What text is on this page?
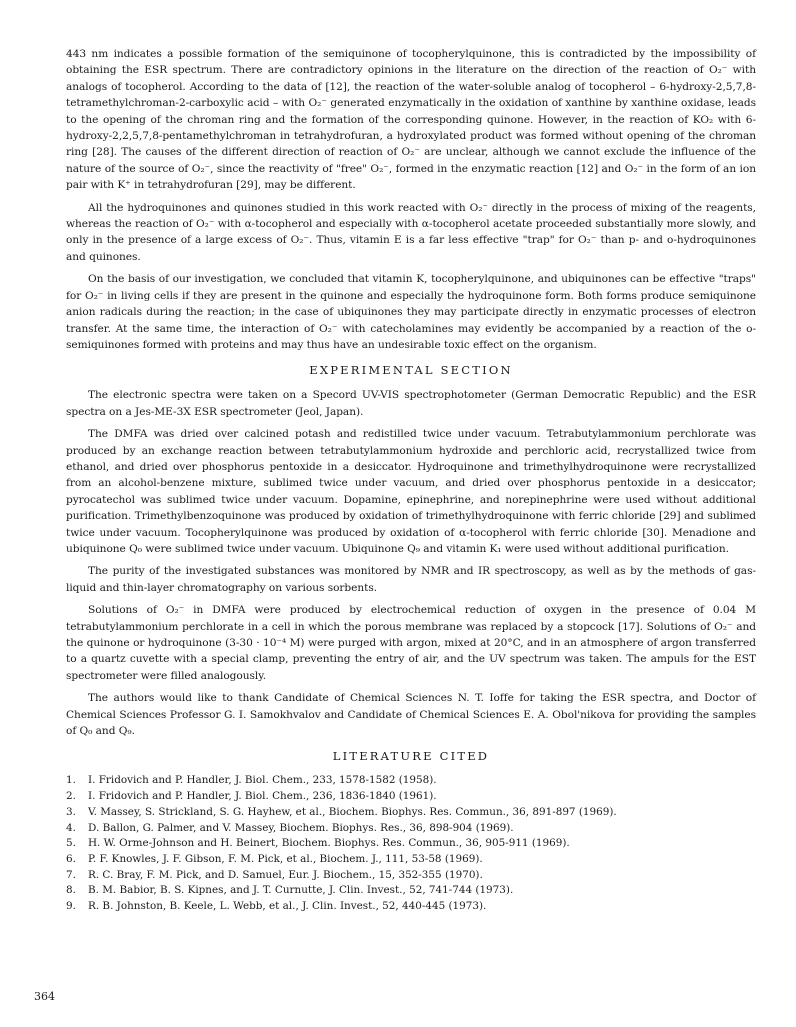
443 nm indicates a possible formation of the semiquinone of tocopherylquinone, this is contradicted by the impossibility of obtaining the ESR spectrum. There are contradictory opinions in the literature on the direction of the reaction of O₂⁻ with analogs of tocopherol. According to the data of [12], the reaction of the water-soluble analog of tocopherol – 6-hydroxy-2,5,7,8-tetramethylchroman-2-carboxylic acid – with O₂⁻ generated enzymatically in the oxidation of xanthine by xanthine oxidase, leads to the opening of the chroman ring and the formation of the corresponding quinone. However, in the reaction of KO₂ with 6-hydroxy-2,2,5,7,8-pentamethylchroman in tetrahydrofuran, a hydroxylated product was formed without opening of the chroman ring [28]. The causes of the different direction of reaction of O₂⁻ are unclear, although we cannot exclude the influence of the nature of the source of O₂⁻, since the reactivity of "free" O₂⁻, formed in the enzymatic reaction [12] and O₂⁻ in the form of an ion pair with K⁺ in tetrahydrofuran [29], may be different.

All the hydroquinones and quinones studied in this work reacted with O₂⁻ directly in the process of mixing of the reagents, whereas the reaction of O₂⁻ with α-tocopherol and especially with α-tocopherol acetate proceeded substantially more slowly, and only in the presence of a large excess of O₂⁻. Thus, vitamin E is a far less effective "trap" for O₂⁻ than p- and o-hydroquinones and quinones.

On the basis of our investigation, we concluded that vitamin K, tocopherylquinone, and ubiquinones can be effective "traps" for O₂⁻ in living cells if they are present in the quinone and especially the hydroquinone form. Both forms produce semiquinone anion radicals during the reaction; in the case of ubiquinones they may participate directly in enzymatic processes of electron transfer. At the same time, the interaction of O₂⁻ with catecholamines may evidently be accompanied by a reaction of the o-semiquinones formed with proteins and may thus have an undesirable toxic effect on the organism.

EXPERIMENTAL SECTION

The electronic spectra were taken on a Specord UV-VIS spectrophotometer (German Democratic Republic) and the ESR spectra on a Jes-ME-3X ESR spectrometer (Jeol, Japan).

The DMFA was dried over calcined potash and redistilled twice under vacuum. Tetrabutylammonium perchlorate was produced by an exchange reaction between tetrabutylammonium hydroxide and perchloric acid, recrystallized twice from ethanol, and dried over phosphorus pentoxide in a desiccator. Hydroquinone and trimethylhydroquinone were recrystallized from an alcohol-benzene mixture, sublimed twice under vacuum, and dried over phosphorus pentoxide in a desiccator; pyrocatechol was sublimed twice under vacuum. Dopamine, epinephrine, and norepinephrine were used without additional purification. Trimethylbenzoquinone was produced by oxidation of trimethylhydroquinone with ferric chloride [29] and sublimed twice under vacuum. Tocopherylquinone was produced by oxidation of α-tocopherol with ferric chloride [30]. Menadione and ubiquinone Q₀ were sublimed twice under vacuum. Ubiquinone Q₉ and vitamin K₁ were used without additional purification.

The purity of the investigated substances was monitored by NMR and IR spectroscopy, as well as by the methods of gas-liquid and thin-layer chromatography on various sorbents.

Solutions of O₂⁻ in DMFA were produced by electrochemical reduction of oxygen in the presence of 0.04 M tetrabutylammonium perchlorate in a cell in which the porous membrane was replaced by a stopcock [17]. Solutions of O₂⁻ and the quinone or hydroquinone (3-30 · 10⁻⁴ M) were purged with argon, mixed at 20°C, and in an atmosphere of argon transferred to a quartz cuvette with a special clamp, preventing the entry of air, and the UV spectrum was taken. The ampuls for the EST spectrometer were filled analogously.

The authors would like to thank Candidate of Chemical Sciences N. T. Ioffe for taking the ESR spectra, and Doctor of Chemical Sciences Professor G. I. Samokhvalov and Candidate of Chemical Sciences E. A. Obol'nikova for providing the samples of Q₀ and Q₉.

LITERATURE CITED
1.	I. Fridovich and P. Handler, J. Biol. Chem., 233, 1578-1582 (1958).
2.	I. Fridovich and P. Handler, J. Biol. Chem., 236, 1836-1840 (1961).
3.	V. Massey, S. Strickland, S. G. Hayhew, et al., Biochem. Biophys. Res. Commun., 36, 891-897 (1969).
4.	D. Ballon, G. Palmer, and V. Massey, Biochem. Biophys. Res., 36, 898-904 (1969).
5.	H. W. Orme-Johnson and H. Beinert, Biochem. Biophys. Res. Commun., 36, 905-911 (1969).
6.	P. F. Knowles, J. F. Gibson, F. M. Pick, et al., Biochem. J., 111, 53-58 (1969).
7.	R. C. Bray, F. M. Pick, and D. Samuel, Eur. J. Biochem., 15, 352-355 (1970).
8.	B. M. Babior, B. S. Kipnes, and J. T. Curnutte, J. Clin. Invest., 52, 741-744 (1973).
9.	R. B. Johnston, B. Keele, L. Webb, et al., J. Clin. Invest., 52, 440-445 (1973).
364
